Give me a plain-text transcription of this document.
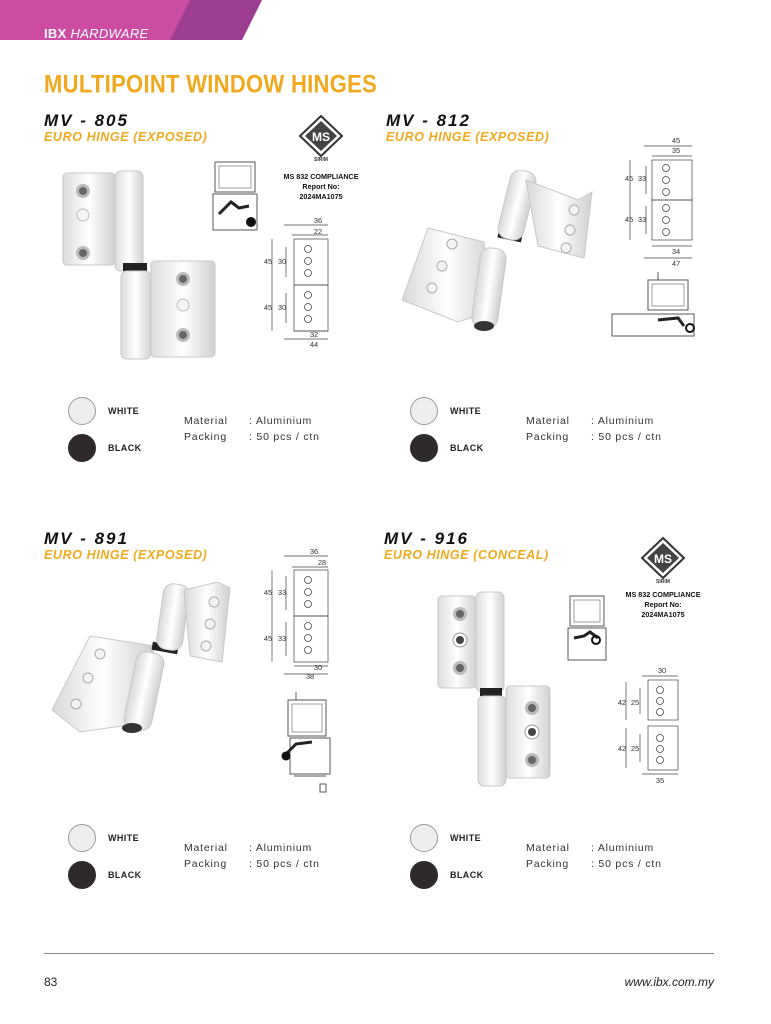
IBX HARDWARE
MULTIPOINT WINDOW HINGES
MV - 805
EURO HINGE (EXPOSED)	MS
SIRIM
MS 832 COMPLIANCE
Report No:
2024MA1075
36
22
45 30
45 30
32
44
WHITE
BLACK
Material : Aluminium
Packing : 50 pcs / ctn
MV - 812
EURO HINGE (EXPOSED)	45
35
45 33
45 33
34
47
WHITE
BLACK
Material : Aluminium
Packing : 50 pcs / ctn
MV - 891
EURO HINGE (EXPOSED)	36
28
45 33
45 33
30
38
WHITE
BLACK
Material : Aluminium
Packing : 50 pcs / ctn
MV - 916
EURO HINGE (CONCEAL)	MS
SIRIM
MS 832 COMPLIANCE
Report No:
2024MA1075
30
42 25
42 25
35
WHITE
BLACK
Material : Aluminium
Packing : 50 pcs / ctn
83	www.ibx.com.my
